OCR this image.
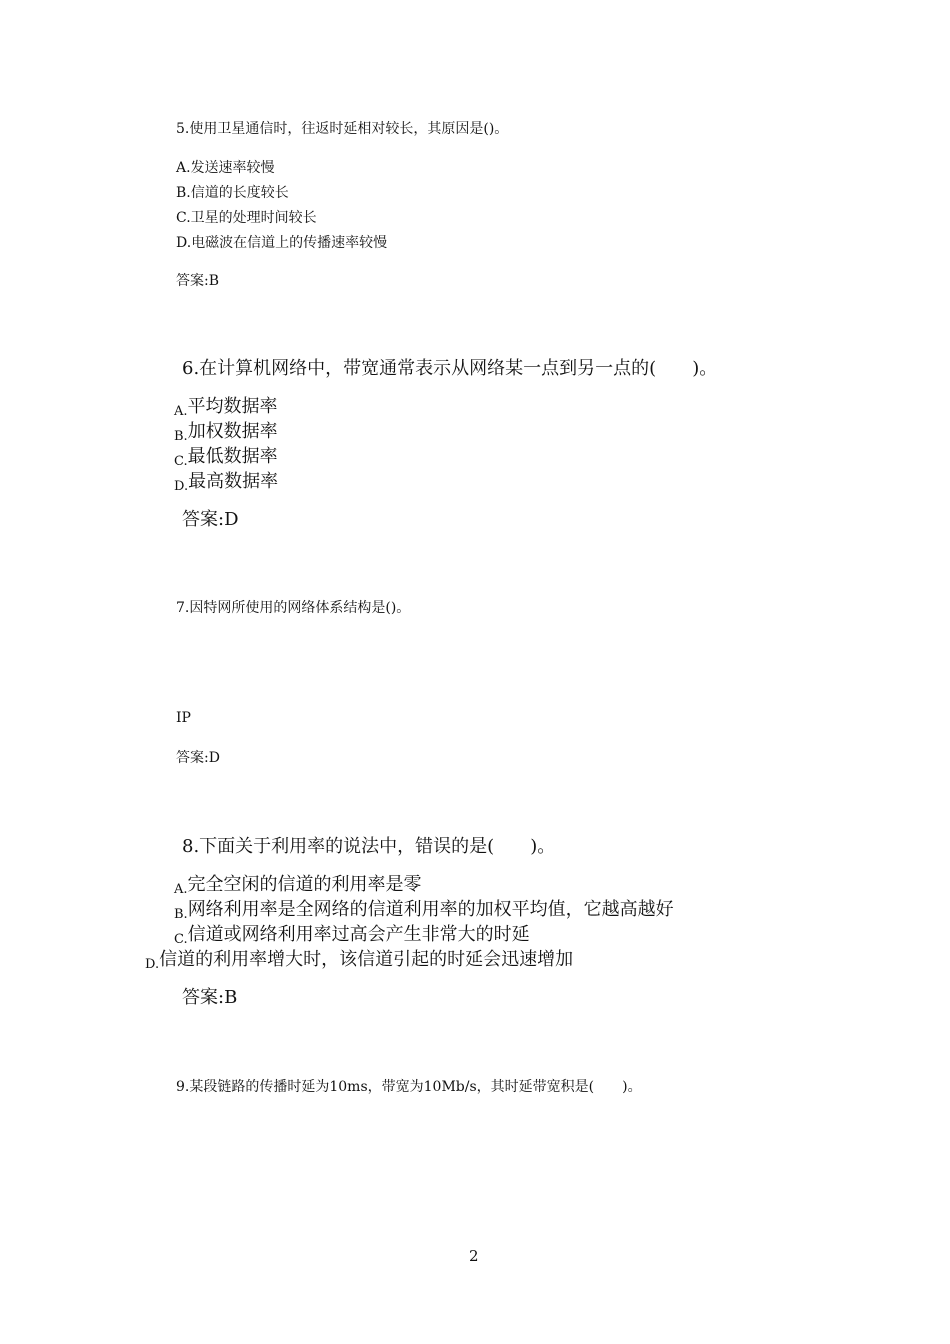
5.使用卫星通信时，往返时延相对较长，其原因是()。
A.发送速率较慢
B.信道的长度较长
C.卫星的处理时间较长
D.电磁波在信道上的传播速率较慢
答案:B
6.在计算机网络中，带宽通常表示从网络某一点到另一点的(　　)。
A.平均数据率
B.加权数据率
C.最低数据率
D.最高数据率
答案:D
7.因特网所使用的网络体系结构是()。
IP
答案:D
8.下面关于利用率的说法中，错误的是(　　)。
A.完全空闲的信道的利用率是零
B.网络利用率是全网络的信道利用率的加权平均值，它越高越好
C.信道或网络利用率过高会产生非常大的时延
D.信道的利用率增大时，该信道引起的时延会迅速增加
答案:B
9.某段链路的传播时延为10ms，带宽为10Mb/s，其时延带宽积是(　　)。
2
